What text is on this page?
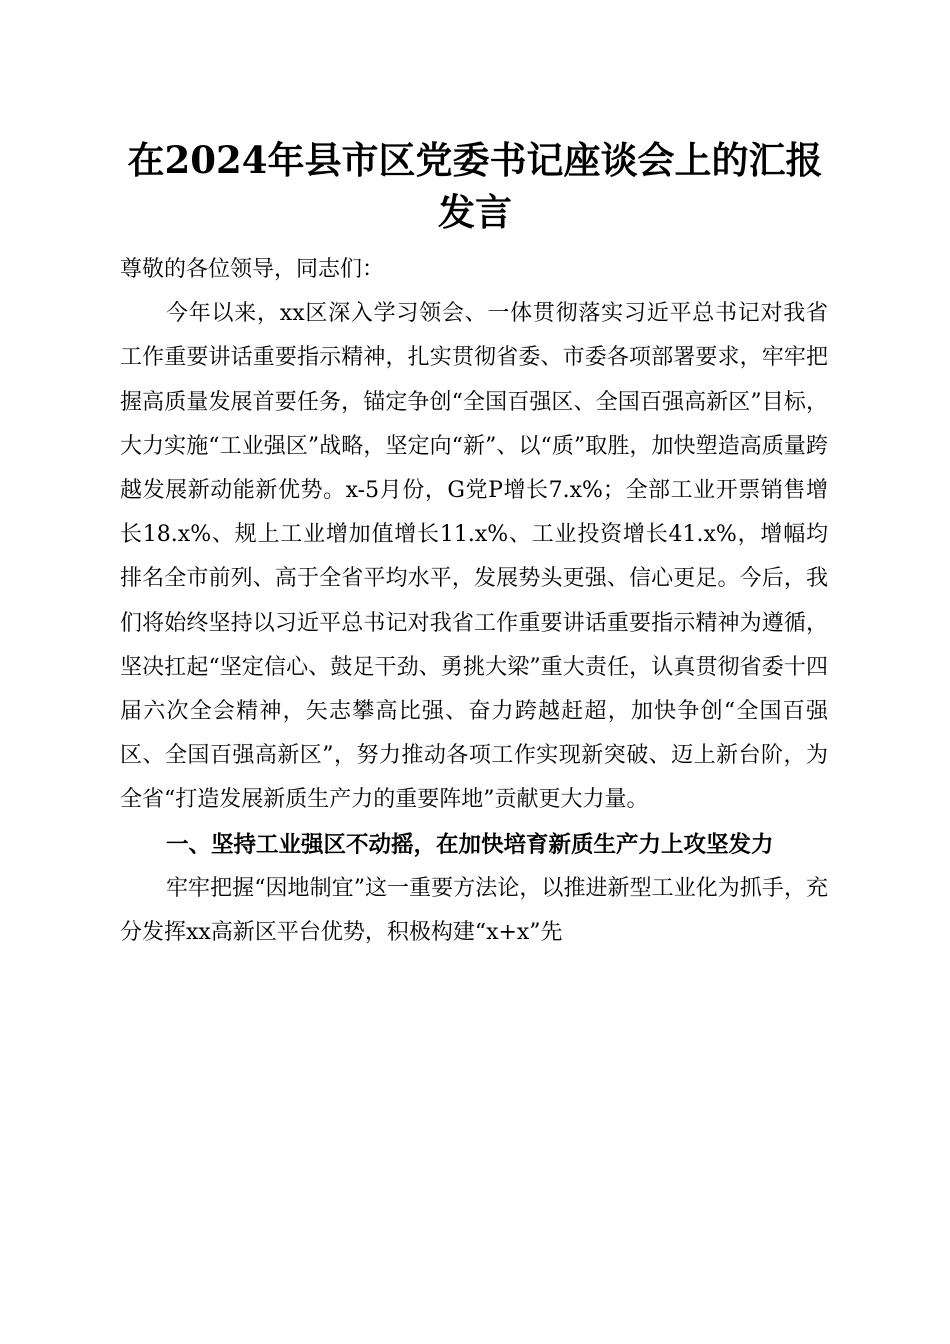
在2024年县市区党委书记座谈会上的汇报发言

尊敬的各位领导，同志们：

今年以来，xx区深入学习领会、一体贯彻落实习近平总书记对我省工作重要讲话重要指示精神，扎实贯彻省委、市委各项部署要求，牢牢把握高质量发展首要任务，锚定争创“全国百强区、全国百强高新区”目标，大力实施“工业强区”战略，坚定向“新”、以“质”取胜，加快塑造高质量跨越发展新动能新优势。x-5月份，G党P增长7.x%；全部工业开票销售增长18.x%、规上工业增加值增长11.x%、工业投资增长41.x%，增幅均排名全市前列、高于全省平均水平，发展势头更强、信心更足。今后，我们将始终坚持以习近平总书记对我省工作重要讲话重要指示精神为遵循，坚决扛起“坚定信心、鼓足干劲、勇挑大梁”重大责任，认真贯彻省委十四届六次全会精神，矢志攀高比强、奋力跨越赶超，加快争创“全国百强区、全国百强高新区”，努力推动各项工作实现新突破、迈上新台阶，为全省“打造发展新质生产力的重要阵地”贡献更大力量。

一、坚持工业强区不动摇，在加快培育新质生产力上攻坚发力

牢牢把握“因地制宜”这一重要方法论，以推进新型工业化为抓手，充分发挥xx高新区平台优势，积极构建“x+x”先
